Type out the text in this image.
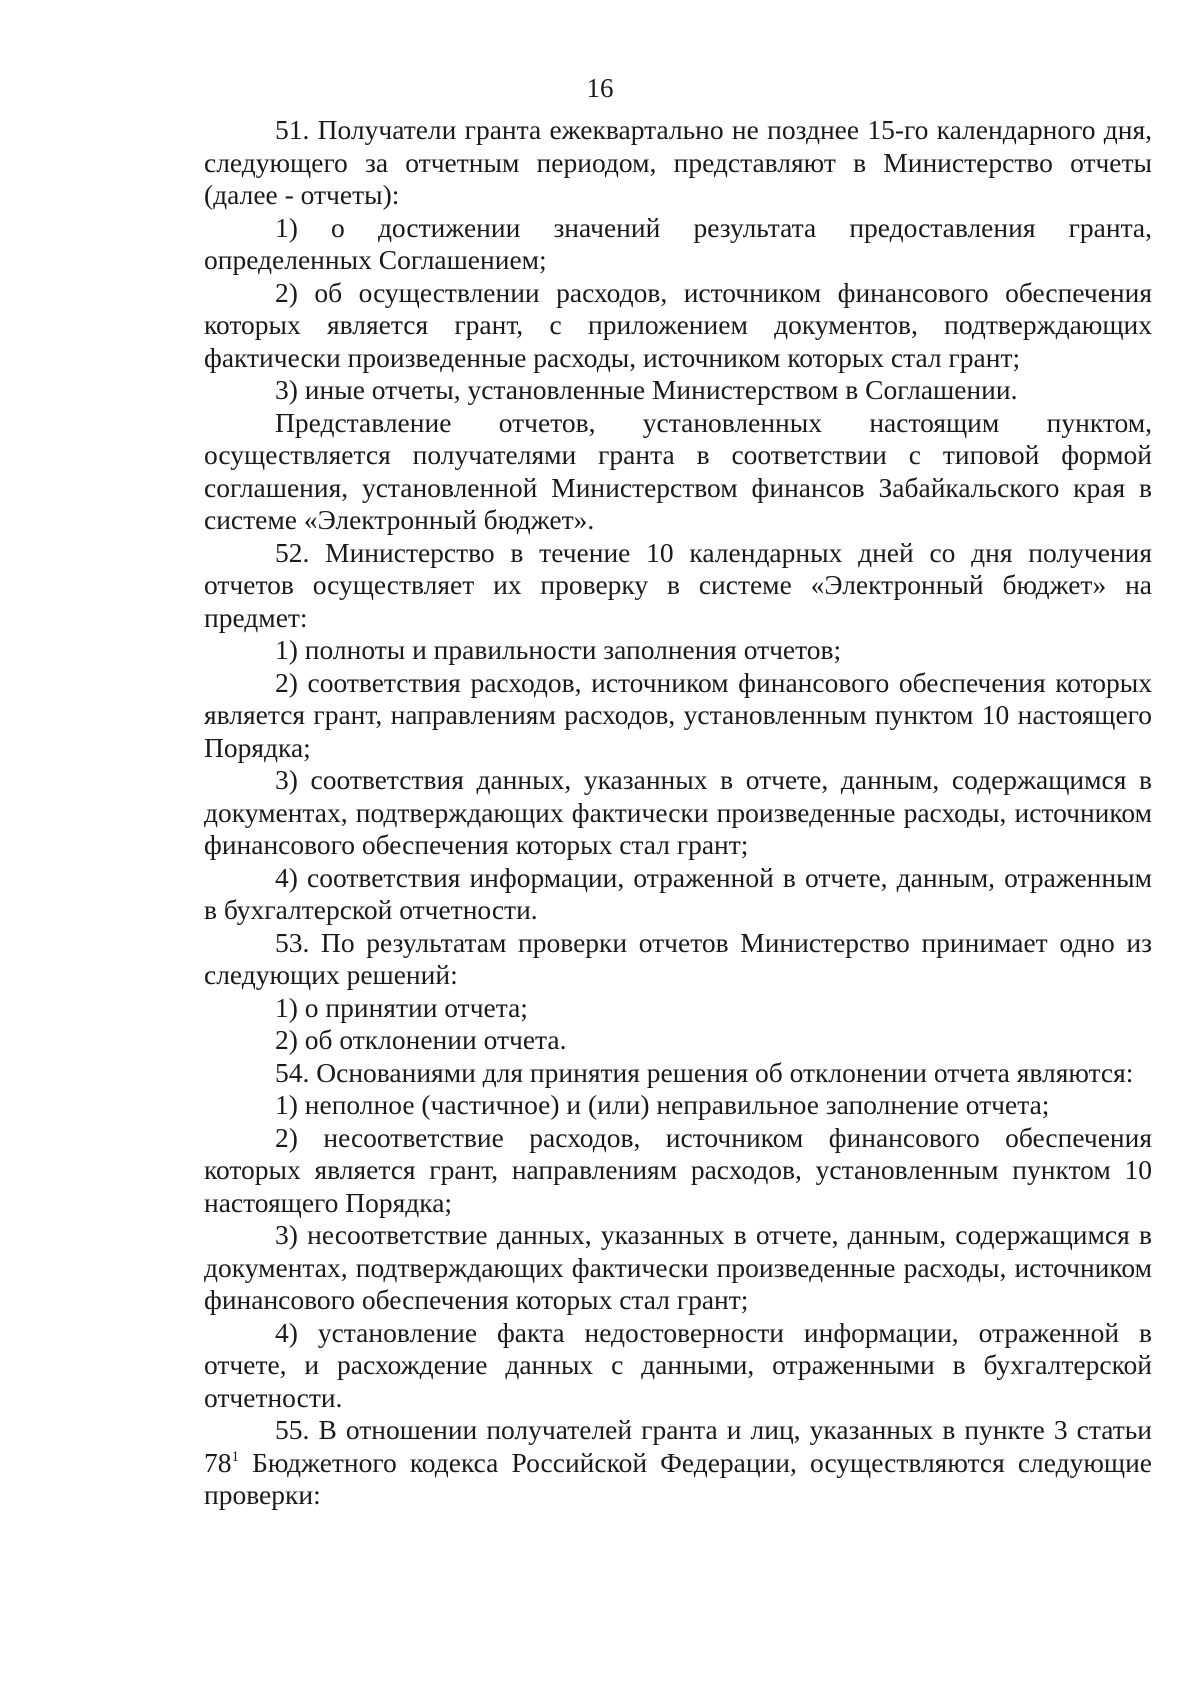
16

51. Получатели гранта ежеквартально не позднее 15-го календарного дня, следующего за отчетным периодом, представляют в Министерство отчеты (далее - отчеты):

1) о достижении значений результата предоставления гранта, определенных Соглашением;

2) об осуществлении расходов, источником финансового обеспечения которых является грант, с приложением документов, подтверждающих фактически произведенные расходы, источником которых стал грант;

3) иные отчеты, установленные Министерством в Соглашении.

Представление отчетов, установленных настоящим пунктом, осуществляется получателями гранта в соответствии с типовой формой соглашения, установленной Министерством финансов Забайкальского края в системе «Электронный бюджет».

52. Министерство в течение 10 календарных дней со дня получения отчетов осуществляет их проверку в системе «Электронный бюджет» на предмет:

1) полноты и правильности заполнения отчетов;

2) соответствия расходов, источником финансового обеспечения которых является грант, направлениям расходов, установленным пунктом 10 настоящего Порядка;

3) соответствия данных, указанных в отчете, данным, содержащимся в документах, подтверждающих фактически произведенные расходы, источником финансового обеспечения которых стал грант;

4) соответствия информации, отраженной в отчете, данным, отраженным в бухгалтерской отчетности.

53. По результатам проверки отчетов Министерство принимает одно из следующих решений:

1) о принятии отчета;

2) об отклонении отчета.

54. Основаниями для принятия решения об отклонении отчета являются:

1) неполное (частичное) и (или) неправильное заполнение отчета;

2) несоответствие расходов, источником финансового обеспечения которых является грант, направлениям расходов, установленным пунктом 10 настоящего Порядка;

3) несоответствие данных, указанных в отчете, данным, содержащимся в документах, подтверждающих фактически произведенные расходы, источником финансового обеспечения которых стал грант;

4) установление факта недостоверности информации, отраженной в отчете, и расхождение данных с данными, отраженными в бухгалтерской отчетности.

55. В отношении получателей гранта и лиц, указанных в пункте 3 статьи $78^1$ Бюджетного кодекса Российской Федерации, осуществляются следующие проверки:
